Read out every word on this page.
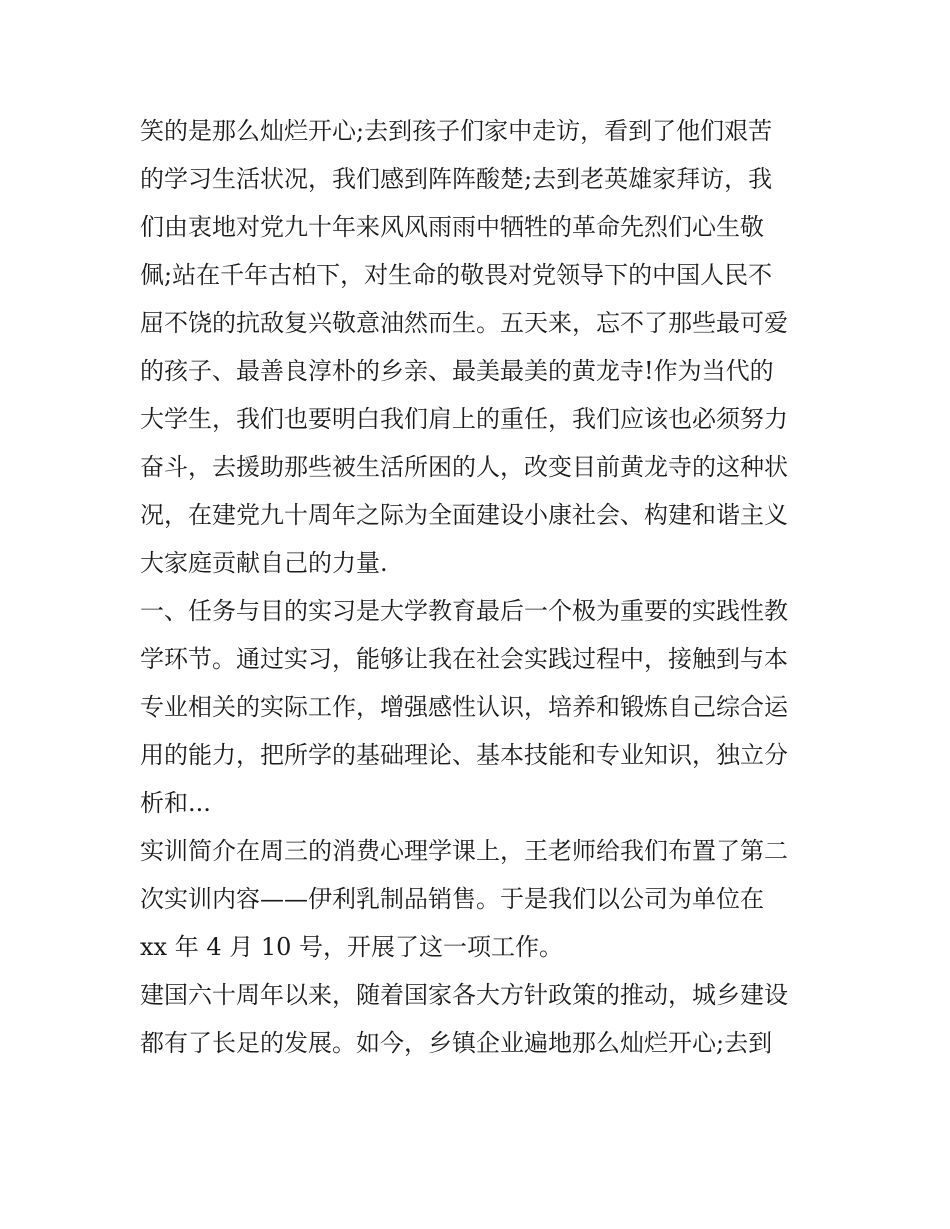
笑的是那么灿烂开心;去到孩子们家中走访，看到了他们艰苦
的学习生活状况，我们感到阵阵酸楚;去到老英雄家拜访，我
们由衷地对党九十年来风风雨雨中牺牲的革命先烈们心生敬
佩;站在千年古柏下，对生命的敬畏对党领导下的中国人民不
屈不饶的抗敌复兴敬意油然而生。五天来，忘不了那些最可爱
的孩子、最善良淳朴的乡亲、最美最美的黄龙寺!作为当代的
大学生，我们也要明白我们肩上的重任，我们应该也必须努力
奋斗，去援助那些被生活所困的人，改变目前黄龙寺的这种状
况，在建党九十周年之际为全面建设小康社会、构建和谐主义
大家庭贡献自己的力量.
一、任务与目的实习是大学教育最后一个极为重要的实践性教
学环节。通过实习，能够让我在社会实践过程中，接触到与本
专业相关的实际工作，增强感性认识，培养和锻炼自己综合运
用的能力，把所学的基础理论、基本技能和专业知识，独立分
析和...
实训简介在周三的消费心理学课上，王老师给我们布置了第二
次实训内容——伊利乳制品销售。于是我们以公司为单位在
xx 年 4 月 10 号，开展了这一项工作。
建国六十周年以来，随着国家各大方针政策的推动，城乡建设
都有了长足的发展。如今，乡镇企业遍地那么灿烂开心;去到
